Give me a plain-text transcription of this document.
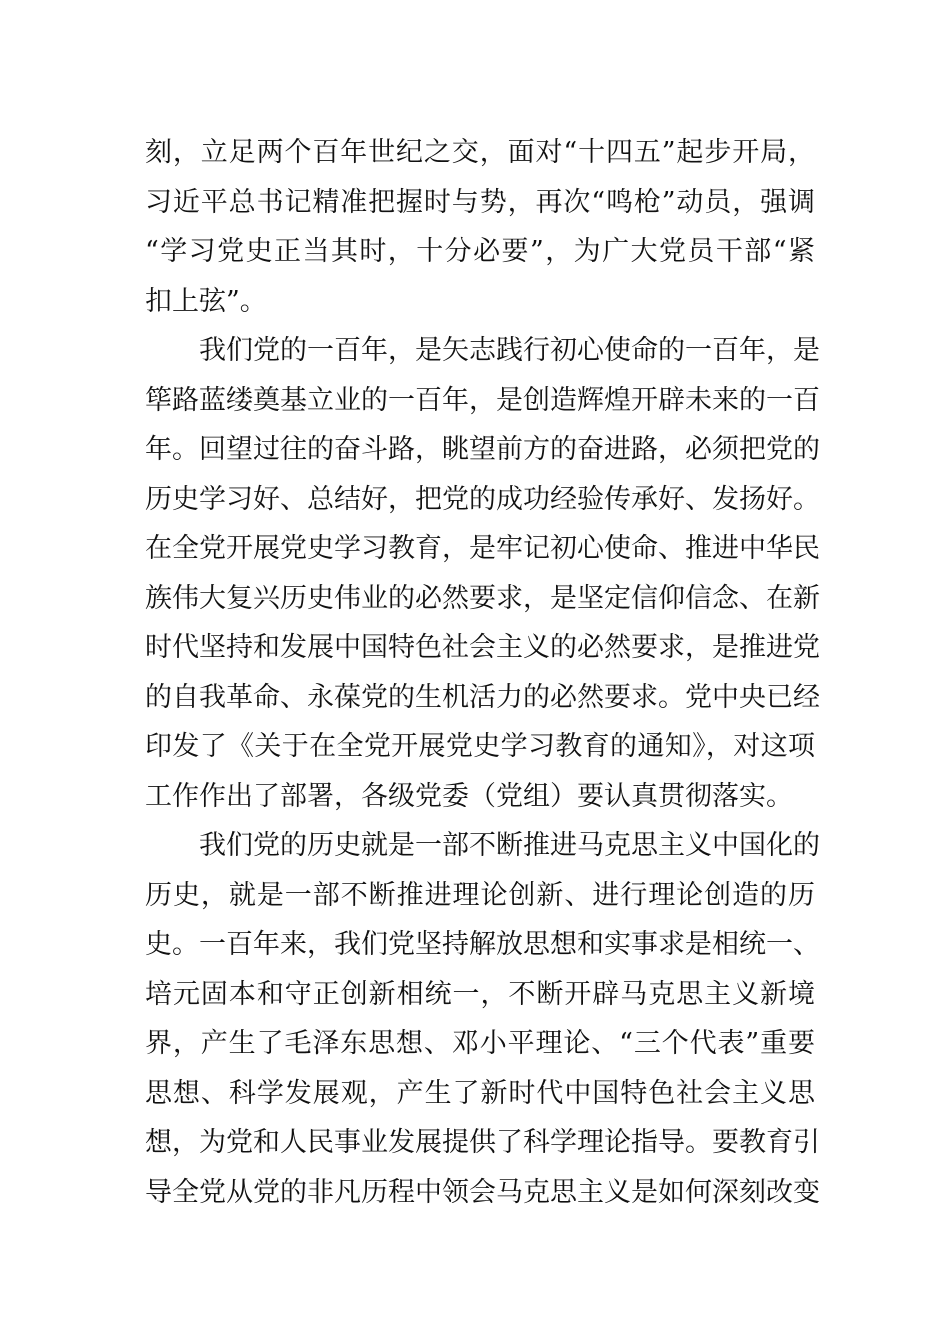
刻，立足两个百年世纪之交，面对“十四五”起步开局，
习近平总书记精准把握时与势，再次“鸣枪”动员，强调
“学习党史正当其时，十分必要”，为广大党员干部“紧
扣上弦”。
我们党的一百年，是矢志践行初心使命的一百年，是
筚路蓝缕奠基立业的一百年，是创造辉煌开辟未来的一百
年。回望过往的奋斗路，眺望前方的奋进路，必须把党的
历史学习好、总结好，把党的成功经验传承好、发扬好。
在全党开展党史学习教育，是牢记初心使命、推进中华民
族伟大复兴历史伟业的必然要求，是坚定信仰信念、在新
时代坚持和发展中国特色社会主义的必然要求，是推进党
的自我革命、永葆党的生机活力的必然要求。党中央已经
印发了《关于在全党开展党史学习教育的通知》，对这项
工作作出了部署，各级党委（党组）要认真贯彻落实。
我们党的历史就是一部不断推进马克思主义中国化的
历史，就是一部不断推进理论创新、进行理论创造的历
史。一百年来，我们党坚持解放思想和实事求是相统一、
培元固本和守正创新相统一，不断开辟马克思主义新境
界，产生了毛泽东思想、邓小平理论、“三个代表”重要
思想、科学发展观，产生了新时代中国特色社会主义思
想，为党和人民事业发展提供了科学理论指导。要教育引
导全党从党的非凡历程中领会马克思主义是如何深刻改变
